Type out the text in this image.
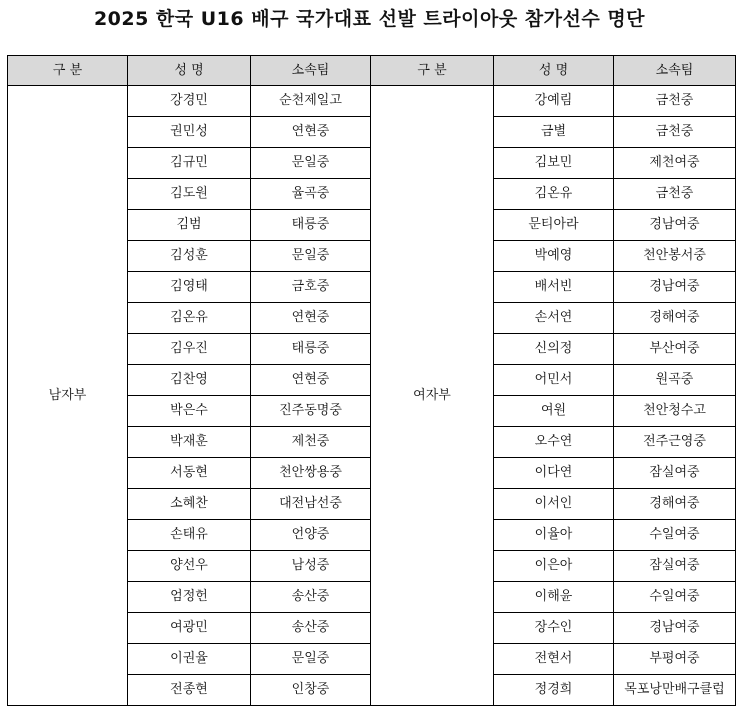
2025 한국 U16 배구 국가대표 선발 트라이아웃 참가선수 명단
구 분	성 명	소속팀	구 분	성 명	소속팀
남자부	강경민	순천제일고	여자부	강예림	금천중
	권민성	연현중		금별	금천중
	김규민	문일중		김보민	제천여중
	김도원	율곡중		김온유	금천중
	김범	태릉중		문티아라	경남여중
	김성훈	문일중		박예영	천안봉서중
	김영태	금호중		배서빈	경남여중
	김온유	연현중		손서연	경해여중
	김우진	태릉중		신의정	부산여중
	김찬영	연현중		어민서	원곡중
	박은수	진주동명중		여원	천안청수고
	박재훈	제천중		오수연	전주근영중
	서동현	천안쌍용중		이다연	잠실여중
	소혜찬	대전남선중		이서인	경해여중
	손태유	언양중		이율아	수일여중
	양선우	남성중		이은아	잠실여중
	엄정헌	송산중		이해윤	수일여중
	여광민	송산중		장수인	경남여중
	이권율	문일중		전현서	부평여중
	전종현	인창중		정경희	목포낭만배구클럽
